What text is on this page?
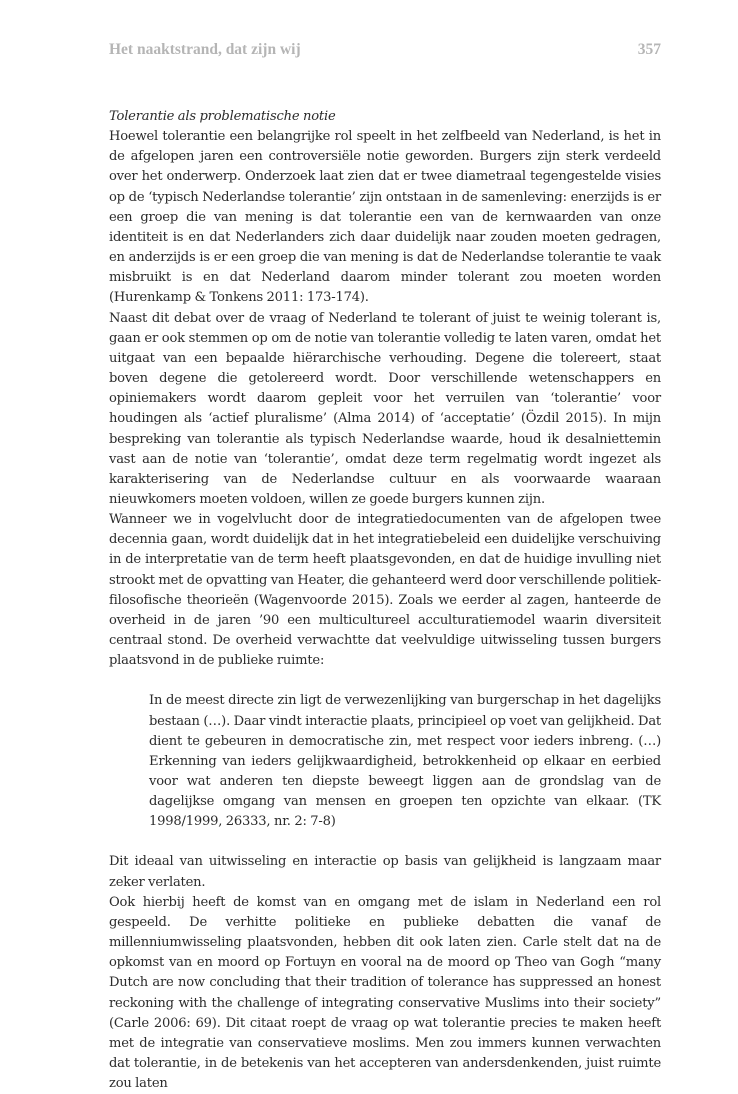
Het naaktstrand, dat zijn wij	357

Tolerantie als problematische notie

Hoewel tolerantie een belangrijke rol speelt in het zelfbeeld van Nederland, is het in de afgelopen jaren een controversiële notie geworden. Burgers zijn sterk verdeeld over het onderwerp. Onderzoek laat zien dat er twee diametraal tegengestelde visies op de ‘typisch Nederlandse tolerantie’ zijn ontstaan in de samenleving: enerzijds is er een groep die van mening is dat tolerantie een van de kernwaarden van onze identiteit is en dat Nederlanders zich daar duidelijk naar zouden moeten gedragen, en anderzijds is er een groep die van mening is dat de Nederlandse tolerantie te vaak misbruikt is en dat Nederland daarom minder tolerant zou moeten worden (Hurenkamp & Tonkens 2011: 173-174).

Naast dit debat over de vraag of Nederland te tolerant of juist te weinig tolerant is, gaan er ook stemmen op om de notie van tolerantie volledig te laten varen, omdat het uitgaat van een bepaalde hiërarchische verhouding. Degene die tolereert, staat boven degene die getolereerd wordt. Door verschillende wetenschappers en opiniemakers wordt daarom gepleit voor het verruilen van ‘tolerantie’ voor houdingen als ‘actief pluralisme’ (Alma 2014) of ‘acceptatie’ (Özdil 2015). In mijn bespreking van tolerantie als typisch Nederlandse waarde, houd ik desalniettemin vast aan de notie van ‘tolerantie’, omdat deze term regelmatig wordt ingezet als karakterisering van de Nederlandse cultuur en als voorwaarde waaraan nieuwkomers moeten voldoen, willen ze goede burgers kunnen zijn.

Wanneer we in vogelvlucht door de integratiedocumenten van de afgelopen twee decennia gaan, wordt duidelijk dat in het integratiebeleid een duidelijke verschuiving in de interpretatie van de term heeft plaatsgevonden, en dat de huidige invulling niet strookt met de opvatting van Heater, die gehanteerd werd door verschillende politiek-filosofische theorieën (Wagenvoorde 2015). Zoals we eerder al zagen, hanteerde de overheid in de jaren ’90 een multicultureel acculturatiemodel waarin diversiteit centraal stond. De overheid verwachtte dat veelvuldige uitwisseling tussen burgers plaatsvond in de publieke ruimte:

In de meest directe zin ligt de verwezenlijking van burgerschap in het dagelijks bestaan (…). Daar vindt interactie plaats, principieel op voet van gelijkheid. Dat dient te gebeuren in democratische zin, met respect voor ieders inbreng. (…) Erkenning van ieders gelijkwaardigheid, betrokkenheid op elkaar en eerbied voor wat anderen ten diepste beweegt liggen aan de grondslag van de dagelijkse omgang van mensen en groepen ten opzichte van elkaar. (TK 1998/1999, 26333, nr. 2: 7-8)

Dit ideaal van uitwisseling en interactie op basis van gelijkheid is langzaam maar zeker verlaten.

Ook hierbij heeft de komst van en omgang met de islam in Nederland een rol gespeeld. De verhitte politieke en publieke debatten die vanaf de millenniumwisseling plaatsvonden, hebben dit ook laten zien. Carle stelt dat na de opkomst van en moord op Fortuyn en vooral na de moord op Theo van Gogh “many Dutch are now concluding that their tradition of tolerance has suppressed an honest reckoning with the challenge of integrating conservative Muslims into their society” (Carle 2006: 69). Dit citaat roept de vraag op wat tolerantie precies te maken heeft met de integratie van conservatieve moslims. Men zou immers kunnen verwachten dat tolerantie, in de betekenis van het accepteren van andersdenkenden, juist ruimte zou laten
